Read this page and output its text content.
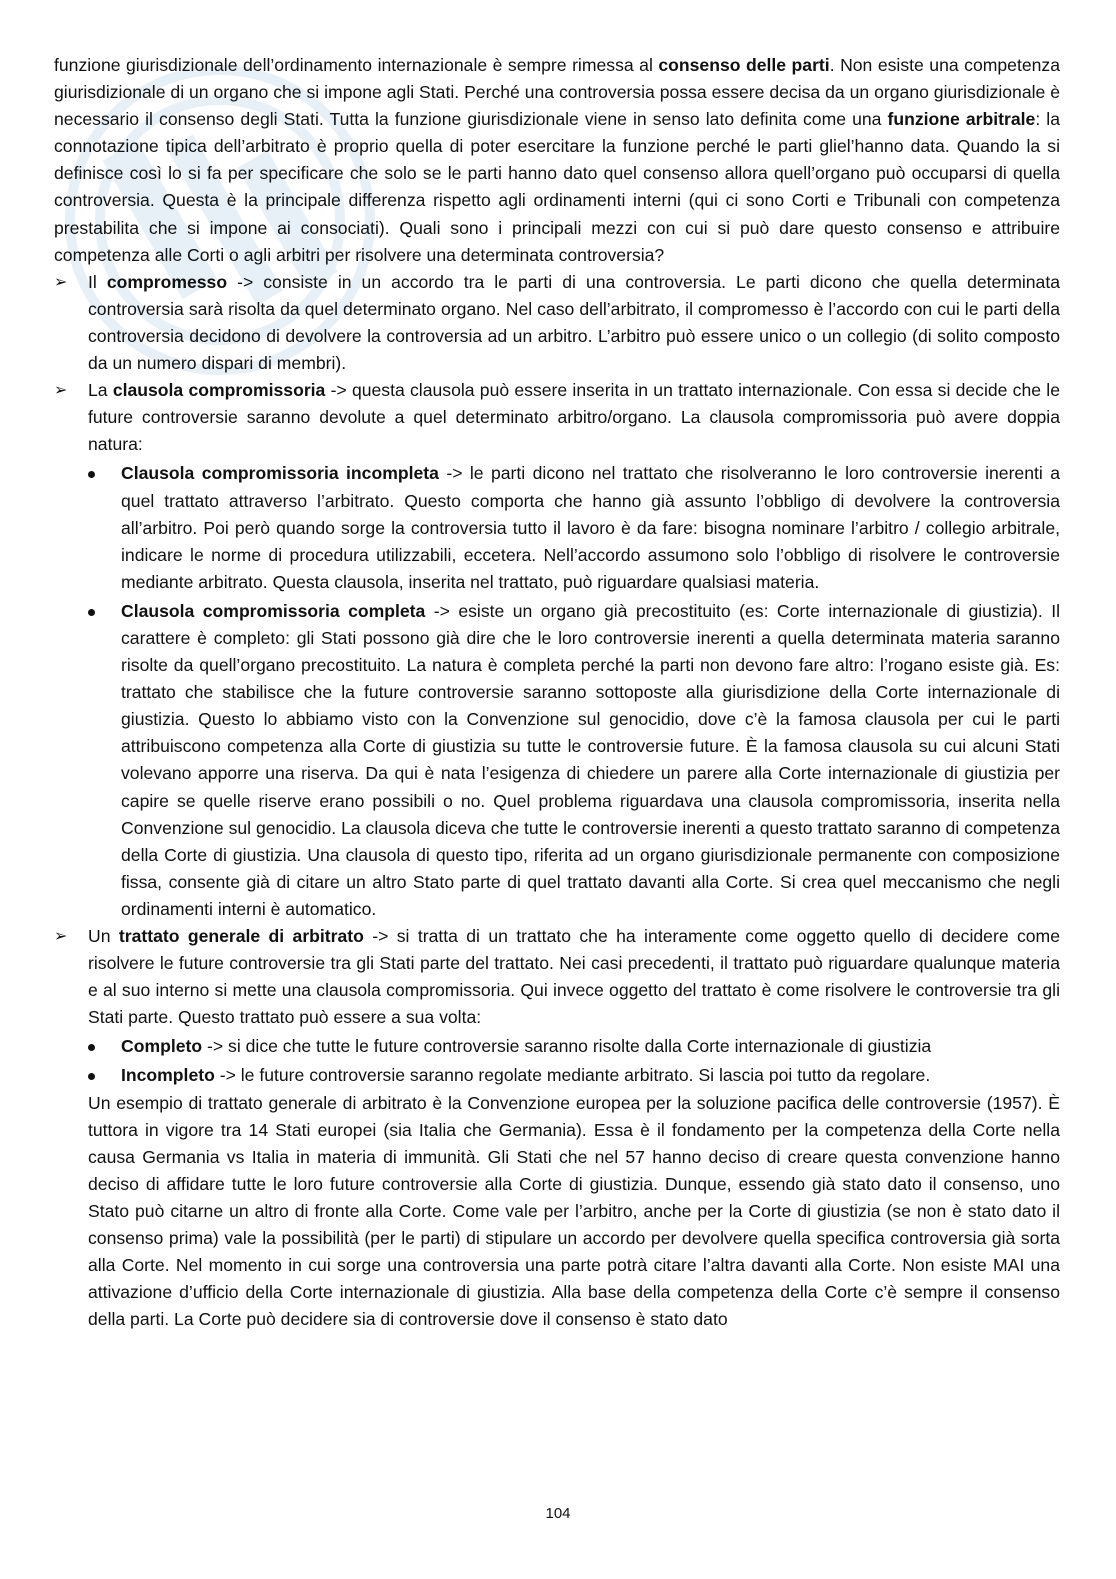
funzione giurisdizionale dell’ordinamento internazionale è sempre rimessa al consenso delle parti. Non esiste una competenza giurisdizionale di un organo che si impone agli Stati. Perché una controversia possa essere decisa da un organo giurisdizionale è necessario il consenso degli Stati. Tutta la funzione giurisdizionale viene in senso lato definita come una funzione arbitrale: la connotazione tipica dell’arbitrato è proprio quella di poter esercitare la funzione perché le parti gliel’hanno data. Quando la si definisce così lo si fa per specificare che solo se le parti hanno dato quel consenso allora quell’organo può occuparsi di quella controversia. Questa è la principale differenza rispetto agli ordinamenti interni (qui ci sono Corti e Tribunali con competenza prestabilita che si impone ai consociati). Quali sono i principali mezzi con cui si può dare questo consenso e attribuire competenza alle Corti o agli arbitri per risolvere una determinata controversia?

➢	Il compromesso -> consiste in un accordo tra le parti di una controversia. Le parti dicono che quella determinata controversia sarà risolta da quel determinato organo. Nel caso dell’arbitrato, il compromesso è l’accordo con cui le parti della controversia decidono di devolvere la controversia ad un arbitro. L’arbitro può essere unico o un collegio (di solito composto da un numero dispari di membri).

➢	La clausola compromissoria -> questa clausola può essere inserita in un trattato internazionale. Con essa si decide che le future controversie saranno devolute a quel determinato arbitro/organo. La clausola compromissoria può avere doppia natura:

Clausola compromissoria incompleta -> le parti dicono nel trattato che risolveranno le loro controversie inerenti a quel trattato attraverso l’arbitrato. Questo comporta che hanno già assunto l’obbligo di devolvere la controversia all’arbitro. Poi però quando sorge la controversia tutto il lavoro è da fare: bisogna nominare l’arbitro / collegio arbitrale, indicare le norme di procedura utilizzabili, eccetera. Nell’accordo assumono solo l’obbligo di risolvere le controversie mediante arbitrato. Questa clausola, inserita nel trattato, può riguardare qualsiasi materia.

Clausola compromissoria completa -> esiste un organo già precostituito (es: Corte internazionale di giustizia). Il carattere è completo: gli Stati possono già dire che le loro controversie inerenti a quella determinata materia saranno risolte da quell’organo precostituito. La natura è completa perché la parti non devono fare altro: l’rogano esiste già. Es: trattato che stabilisce che la future controversie saranno sottoposte alla giurisdizione della Corte internazionale di giustizia. Questo lo abbiamo visto con la Convenzione sul genocidio, dove c’è la famosa clausola per cui le parti attribuiscono competenza alla Corte di giustizia su tutte le controversie future. È la famosa clausola su cui alcuni Stati volevano apporre una riserva. Da qui è nata l’esigenza di chiedere un parere alla Corte internazionale di giustizia per capire se quelle riserve erano possibili o no. Quel problema riguardava una clausola compromissoria, inserita nella Convenzione sul genocidio. La clausola diceva che tutte le controversie inerenti a questo trattato saranno di competenza della Corte di giustizia. Una clausola di questo tipo, riferita ad un organo giurisdizionale permanente con composizione fissa, consente già di citare un altro Stato parte di quel trattato davanti alla Corte. Si crea quel meccanismo che negli ordinamenti interni è automatico.

➢	Un trattato generale di arbitrato -> si tratta di un trattato che ha interamente come oggetto quello di decidere come risolvere le future controversie tra gli Stati parte del trattato. Nei casi precedenti, il trattato può riguardare qualunque materia e al suo interno si mette una clausola compromissoria. Qui invece oggetto del trattato è come risolvere le controversie tra gli Stati parte. Questo trattato può essere a sua volta:

Completo -> si dice che tutte le future controversie saranno risolte dalla Corte internazionale di giustizia

Incompleto -> le future controversie saranno regolate mediante arbitrato. Si lascia poi tutto da regolare.

Un esempio di trattato generale di arbitrato è la Convenzione europea per la soluzione pacifica delle controversie (1957). È tuttora in vigore tra 14 Stati europei (sia Italia che Germania). Essa è il fondamento per la competenza della Corte nella causa Germania vs Italia in materia di immunità. Gli Stati che nel 57 hanno deciso di creare questa convenzione hanno deciso di affidare tutte le loro future controversie alla Corte di giustizia. Dunque, essendo già stato dato il consenso, uno Stato può citarne un altro di fronte alla Corte. Come vale per l’arbitro, anche per la Corte di giustizia (se non è stato dato il consenso prima) vale la possibilità (per le parti) di stipulare un accordo per devolvere quella specifica controversia già sorta alla Corte. Nel momento in cui sorge una controversia una parte potrà citare l’altra davanti alla Corte. Non esiste MAI una attivazione d’ufficio della Corte internazionale di giustizia. Alla base della competenza della Corte c’è sempre il consenso della parti. La Corte può decidere sia di controversie dove il consenso è stato dato

104
